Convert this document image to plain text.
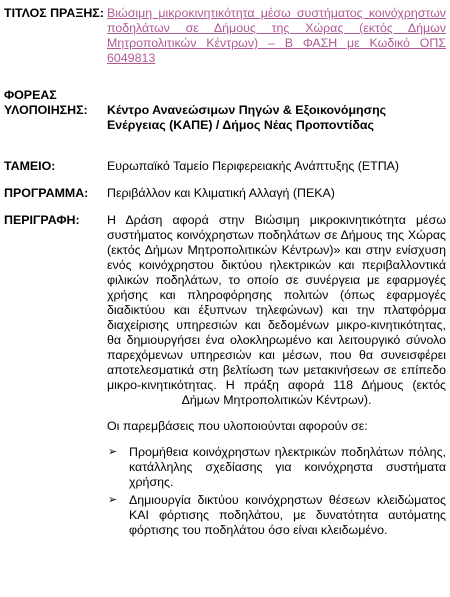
ΤΙΤΛΟΣ ΠΡΑΞΗΣ: Βιώσιμη μικροκινητικότητα μέσω συστήματος κοινόχρηστων ποδηλάτων σε Δήμους της Χώρας (εκτός Δήμων Μητροπολιτικών Κέντρων) – Β ΦΑΣΗ με Κωδικό ΟΠΣ 6049813
ΦΟΡΕΑΣ
ΥΛΟΠΟΙΗΣΗΣ:	Κέντρο Ανανεώσιμων Πηγών & Εξοικονόμησης Ενέργειας (ΚΑΠΕ) / Δήμος Νέας Προποντίδας
ΤΑΜΕΙΟ:	Ευρωπαϊκό Ταμείο Περιφερειακής Ανάπτυξης (ΕΤΠΑ)
ΠΡΟΓΡΑΜΜΑ:	Περιβάλλον και Κλιματική Αλλαγή (ΠΕΚΑ)
ΠΕΡΙΓΡΑΦΗ:	Η Δράση αφορά στην Βιώσιμη μικροκινητικότητα μέσω συστήματος κοινόχρηστων ποδηλάτων σε Δήμους της Χώρας (εκτός Δήμων Μητροπολιτικών Κέντρων)» και στην ενίσχυση ενός κοινόχρηστου δικτύου ηλεκτρικών και περιβαλλοντικά φιλικών ποδηλάτων, το οποίο σε συνέργεια με εφαρμογές χρήσης και πληροφόρησης πολιτών (όπως εφαρμογές διαδικτύου και έξυπνων τηλεφώνων) και την πλατφόρμα διαχείρισης υπηρεσιών και δεδομένων μικρο-κινητικότητας, θα δημιουργήσει ένα ολοκληρωμένο και λειτουργικό σύνολο παρεχόμενων υπηρεσιών και μέσων, που θα συνεισφέρει αποτελεσματικά στη βελτίωση των μετακινήσεων σε επίπεδο μικρο-κινητικότητας. Η πράξη αφορά 118 Δήμους (εκτός Δήμων Μητροπολιτικών Κέντρων).
Οι παρεμβάσεις που υλοποιούνται αφορούν σε:
➢ Προμήθεια κοινόχρηστων ηλεκτρικών ποδηλάτων πόλης, κατάλληλης σχεδίασης για κοινόχρηστα συστήματα χρήσης.
➢ Δημιουργία δικτύου κοινόχρηστων θέσεων κλειδώματος ΚΑΙ φόρτισης ποδηλάτου, με δυνατότητα αυτόματης φόρτισης του ποδηλάτου όσο είναι κλειδωμένο.
